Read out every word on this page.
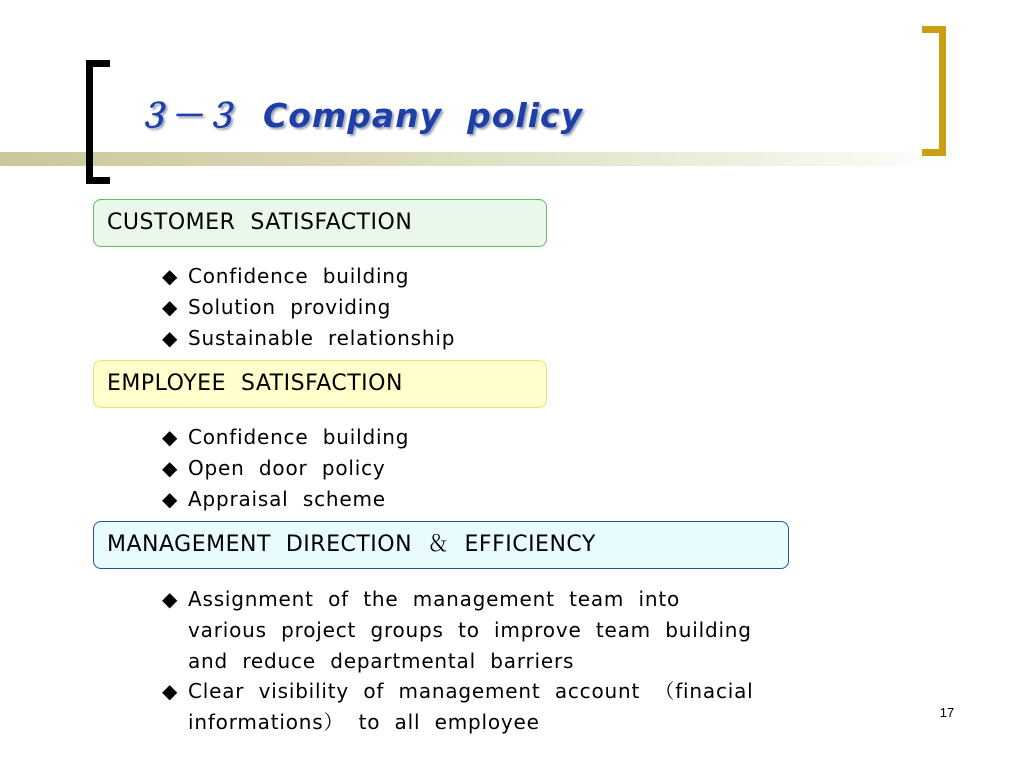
３－３  Company  policy
CUSTOMER  SATISFACTION
◆ Confidence  building
◆ Solution  providing
◆ Sustainable  relationship
EMPLOYEE  SATISFACTION
◆ Confidence  building
◆ Open  door  policy
◆ Appraisal  scheme
MANAGEMENT  DIRECTION  ＆  EFFICIENCY
◆ Assignment  of  the  management  team  into
various  project  groups  to  improve  team  building
and  reduce  departmental  barriers
◆ Clear  visibility  of  management  account  （finacial
informations）  to  all  employee	17
